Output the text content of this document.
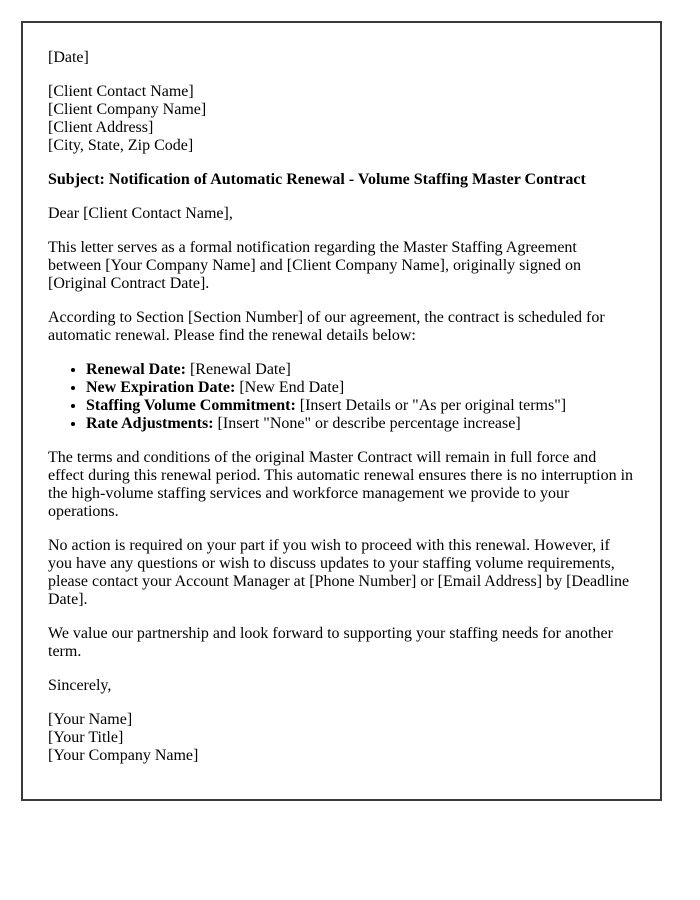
[Date]

[Client Contact Name]
[Client Company Name]
[Client Address]
[City, State, Zip Code]

Subject: Notification of Automatic Renewal - Volume Staffing Master Contract

Dear [Client Contact Name],

This letter serves as a formal notification regarding the Master Staffing Agreement between [Your Company Name] and [Client Company Name], originally signed on [Original Contract Date].

According to Section [Section Number] of our agreement, the contract is scheduled for automatic renewal. Please find the renewal details below:

• Renewal Date: [Renewal Date]
• New Expiration Date: [New End Date]
• Staffing Volume Commitment: [Insert Details or "As per original terms"]
• Rate Adjustments: [Insert "None" or describe percentage increase]

The terms and conditions of the original Master Contract will remain in full force and effect during this renewal period. This automatic renewal ensures there is no interruption in the high-volume staffing services and workforce management we provide to your operations.

No action is required on your part if you wish to proceed with this renewal. However, if you have any questions or wish to discuss updates to your staffing volume requirements, please contact your Account Manager at [Phone Number] or [Email Address] by [Deadline Date].

We value our partnership and look forward to supporting your staffing needs for another term.

Sincerely,

[Your Name]
[Your Title]
[Your Company Name]
